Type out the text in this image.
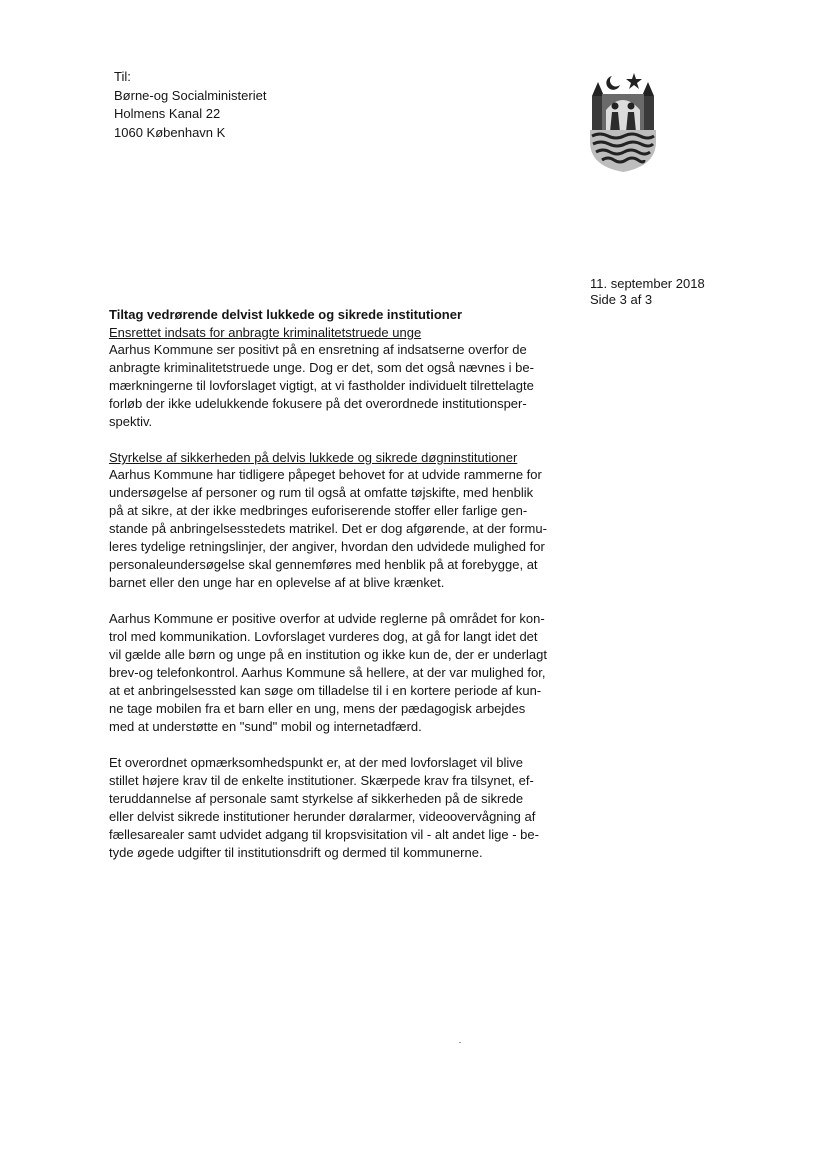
Til:
Børne-og Socialministeriet
Holmens Kanal 22
1060 København K
11. september 2018
Side 3 af 3
Tiltag vedrørende delvist lukkede og sikrede institutioner
Ensrettet indsats for anbragte kriminalitetstruede unge

Aarhus Kommune ser positivt på en ensretning af indsatserne overfor de
anbragte kriminalitetstruede unge. Dog er det, som det også nævnes i be-
mærkningerne til lovforslaget vigtigt, at vi fastholder individuelt tilrettelagte
forløb der ikke udelukkende fokusere på det overordnede institutionsper-
spektiv.

Styrkelse af sikkerheden på delvis lukkede og sikrede døgninstitutioner

Aarhus Kommune har tidligere påpeget behovet for at udvide rammerne for
undersøgelse af personer og rum til også at omfatte tøjskifte, med henblik
på at sikre, at der ikke medbringes euforiserende stoffer eller farlige gen-
stande på anbringelsesstedets matrikel. Det er dog afgørende, at der formu-
leres tydelige retningslinjer, der angiver, hvordan den udvidede mulighed for
personaleundersøgelse skal gennemføres med henblik på at forebygge, at
barnet eller den unge har en oplevelse af at blive krænket.

Aarhus Kommune er positive overfor at udvide reglerne på området for kon-
trol med kommunikation. Lovforslaget vurderes dog, at gå for langt idet det
vil gælde alle børn og unge på en institution og ikke kun de, der er underlagt
brev-og telefonkontrol. Aarhus Kommune så hellere, at der var mulighed for,
at et anbringelsessted kan søge om tilladelse til i en kortere periode af kun-
ne tage mobilen fra et barn eller en ung, mens der pædagogisk arbejdes
med at understøtte en "sund" mobil og internetadfærd.

Et overordnet opmærksomhedspunkt er, at der med lovforslaget vil blive
stillet højere krav til de enkelte institutioner. Skærpede krav fra tilsynet, ef-
teruddannelse af personale samt styrkelse af sikkerheden på de sikrede
eller delvist sikrede institutioner herunder døralarmer, videoovervågning af
fællesarealer samt udvidet adgang til kropsvisitation vil - alt andet lige - be-
tyde øgede udgifter til institutionsdrift og dermed til kommunerne.
